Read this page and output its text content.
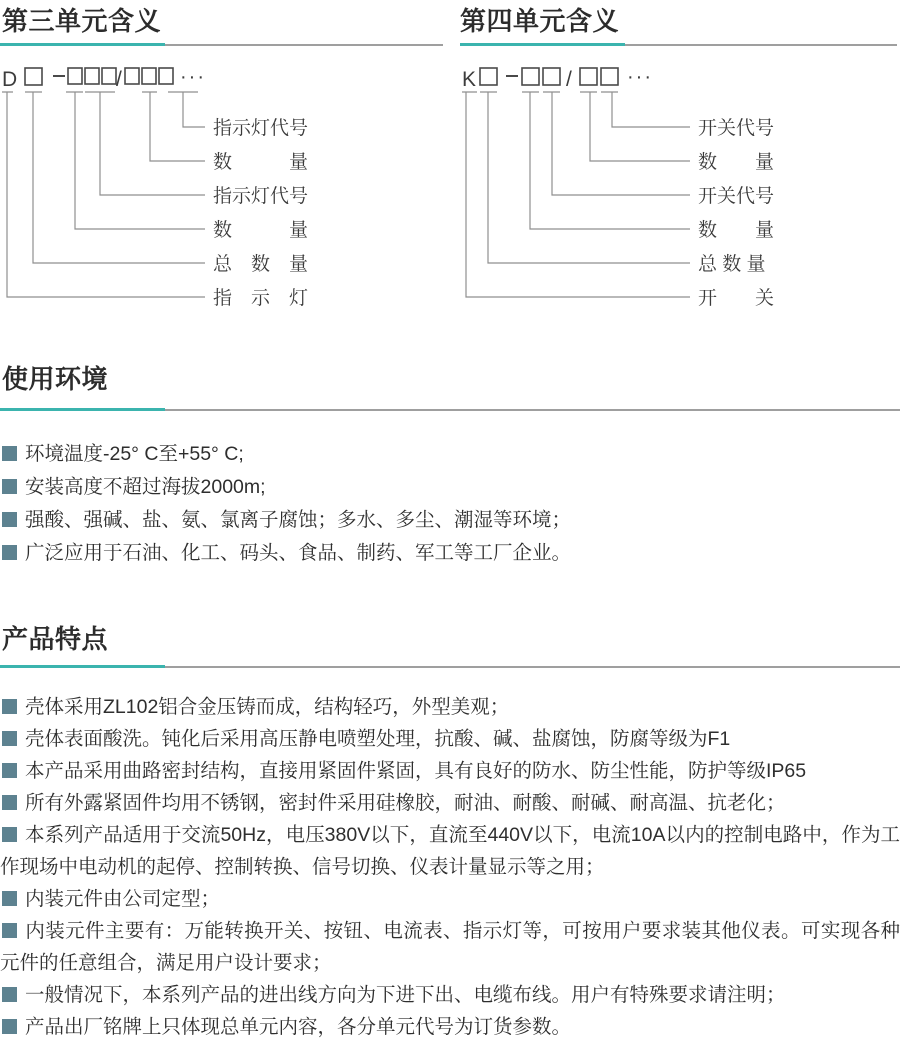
第三单元含义
D	/	···
指示灯代号
数　　　量
指示灯代号
数　　　量
总　数　量
指　示　灯
第四单元含义
K	/	···
开关代号
数　　量
开关代号
数　　量
总 数 量
开　　关
使用环境

环境温度-25° C至+55° C;

安装高度不超过海拔2000m;

强酸、强碱、盐、氨、氯离子腐蚀；多水、多尘、潮湿等环境；

广泛应用于石油、化工、码头、食品、制药、军工等工厂企业。

产品特点

壳体采用ZL102铝合金压铸而成，结构轻巧，外型美观；

壳体表面酸洗。钝化后采用高压静电喷塑处理，抗酸、碱、盐腐蚀，防腐等级为F1

本产品采用曲路密封结构，直接用紧固件紧固，具有良好的防水、防尘性能，防护等级IP65

所有外露紧固件均用不锈钢，密封件采用硅橡胶，耐油、耐酸、耐碱、耐高温、抗老化；

本系列产品适用于交流50Hz，电压380V以下，直流至440V以下，电流10A以内的控制电路中，作为工作现场中电动机的起停、控制转换、信号切换、仪表计量显示等之用；

内装元件由公司定型；

内装元件主要有：万能转换开关、按钮、电流表、指示灯等，可按用户要求装其他仪表。可实现各种元件的任意组合，满足用户设计要求；

一般情况下，本系列产品的进出线方向为下进下出、电缆布线。用户有特殊要求请注明；

产品出厂铭牌上只体现总单元内容，各分单元代号为订货参数。
